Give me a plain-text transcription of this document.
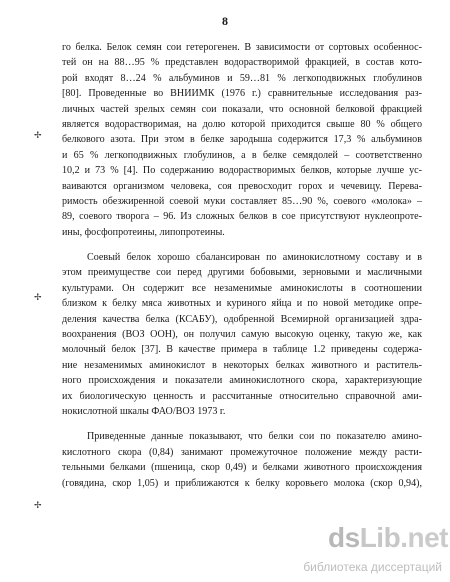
8
✢
✢
✢
го белка. Белок семян сои гетерогенен. В зависимости от сортовых особеннос-
тей он на 88…95 % представлен водорастворимой фракцией, в состав кото-
рой входят 8…24 % альбуминов и 59…81 % легкоподвижных глобулинов
[80]. Проведенные во ВНИИМК (1976 г.) сравнительные исследования раз-
личных частей зрелых семян сои показали, что основной белковой фракцией
является водорастворимая, на долю которой приходится свыше 80 % общего
белкового азота. При этом в белке зародыша содержится 17,3 % альбуминов
и 65 % легкоподвижных глобулинов, а в белке семядолей – соответственно
10,2 и 73 % [4]. По содержанию водорастворимых белков, которые лучше ус-
ваиваются организмом человека, соя превосходит горох и чечевицу. Перева-
римость обезжиренной соевой муки составляет 85…90 %, соевого «молока» –
89, соевого творога – 96. Из сложных белков в сое присутствуют нуклеопроте-
ины, фосфопротеины, липопротеины.
Соевый белок хорошо сбалансирован по аминокислотному составу и в
этом преимуществе сои перед другими бобовыми, зерновыми и масличными
культурами. Он содержит все незаменимые аминокислоты в соотношении
близком к белку мяса животных и куриного яйца и по новой методике опре-
деления качества белка (КСАБУ), одобренной Всемирной организацией здра-
воохранения (ВОЗ ООН), он получил самую высокую оценку, такую же, как
молочный белок [37]. В качестве примера в таблице 1.2 приведены содержа-
ние незаменимых аминокислот в некоторых белках животного и раститель-
ного происхождения и показатели аминокислотного скора, характеризующие
их биологическую ценность и рассчитанные относительно справочной ами-
нокислотной шкалы ФАО/ВОЗ 1973 г.
Приведенные данные показывают, что белки сои по показателю амино-
кислотного скора (0,84) занимают промежуточное положение между расти-
тельными белками (пшеница, скор 0,49) и белками животного происхождения
(говядина, скор 1,05) и приближаются к белку коровьего молока (скор 0,94),
dsLib.net
библиотека диссертаций
